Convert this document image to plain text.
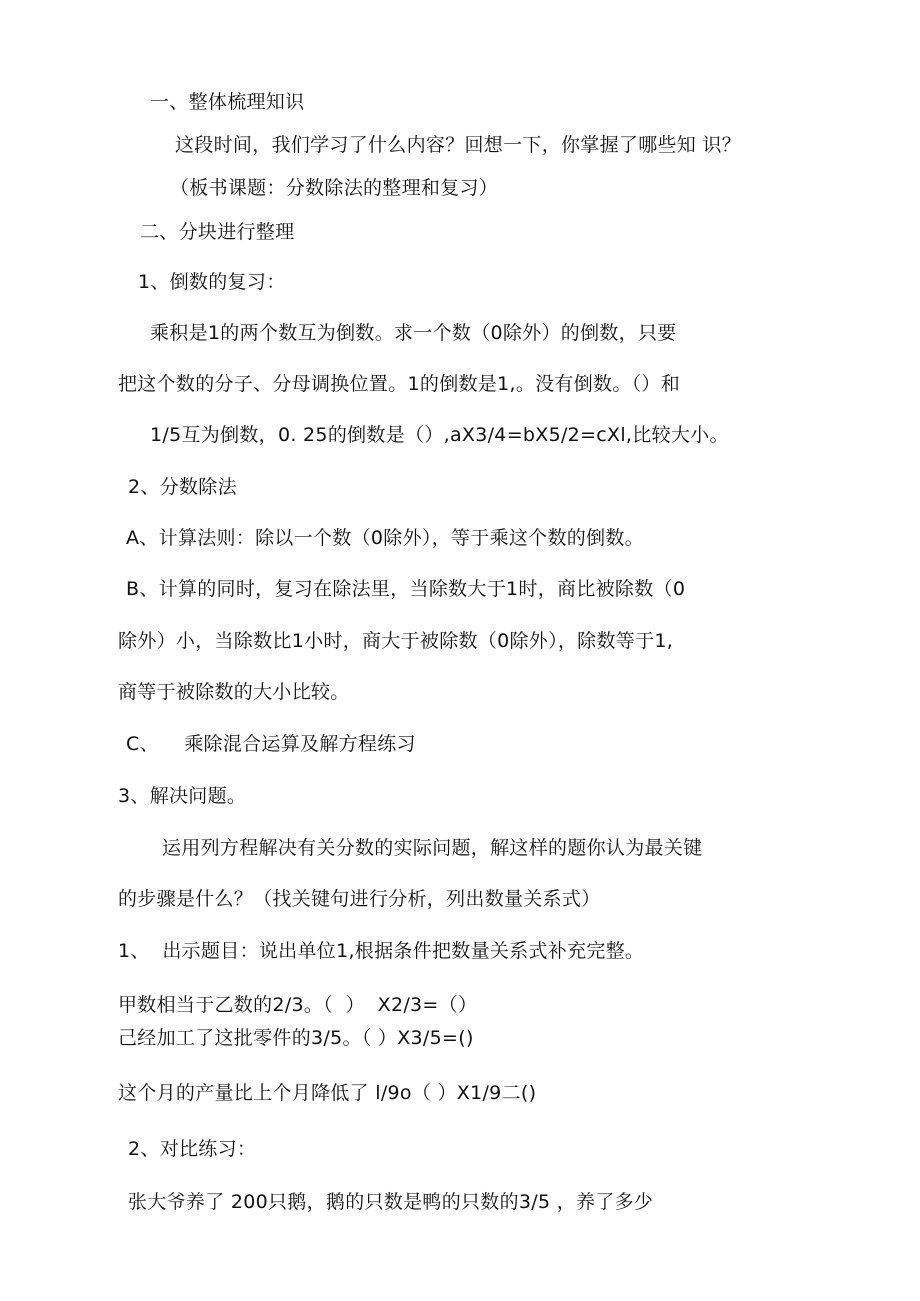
一、整体梳理知识
这段时间，我们学习了什么内容？回想一下，你掌握了哪些知 识？
（板书课题：分数除法的整理和复习）
二、分块进行整理
1、倒数的复习：
乘积是1的两个数互为倒数。求一个数（0除外）的倒数，只要
把这个数的分子、分母调换位置。1的倒数是1,。没有倒数。（）和
1/5互为倒数，0. 25的倒数是（）,aX3/4=bX5/2=cXl,比较大小。
2、分数除法
A、计算法则：除以一个数（0除外），等于乘这个数的倒数。
B、计算的同时，复习在除法里，当除数大于1时，商比被除数（0
除外）小，当除数比1小时，商大于被除数（0除外），除数等于1,
商等于被除数的大小比较。
C、    乘除混合运算及解方程练习
3、解决问题。
运用列方程解决有关分数的实际问题，解这样的题你认为最关键
的步骤是什么？（找关键句进行分析，列出数量关系式）
1、  出示题目：说出单位1,根据条件把数量关系式补充完整。
甲数相当于乙数的2/3。（  ）  X2/3=（）
己经加工了这批零件的3/5。（ ）X3/5=()
这个月的产量比上个月降低了 l/9o（ ）X1/9二()
2、对比练习：
张大爷养了 200只鹅，鹅的只数是鸭的只数的3/5 ，养了多少
